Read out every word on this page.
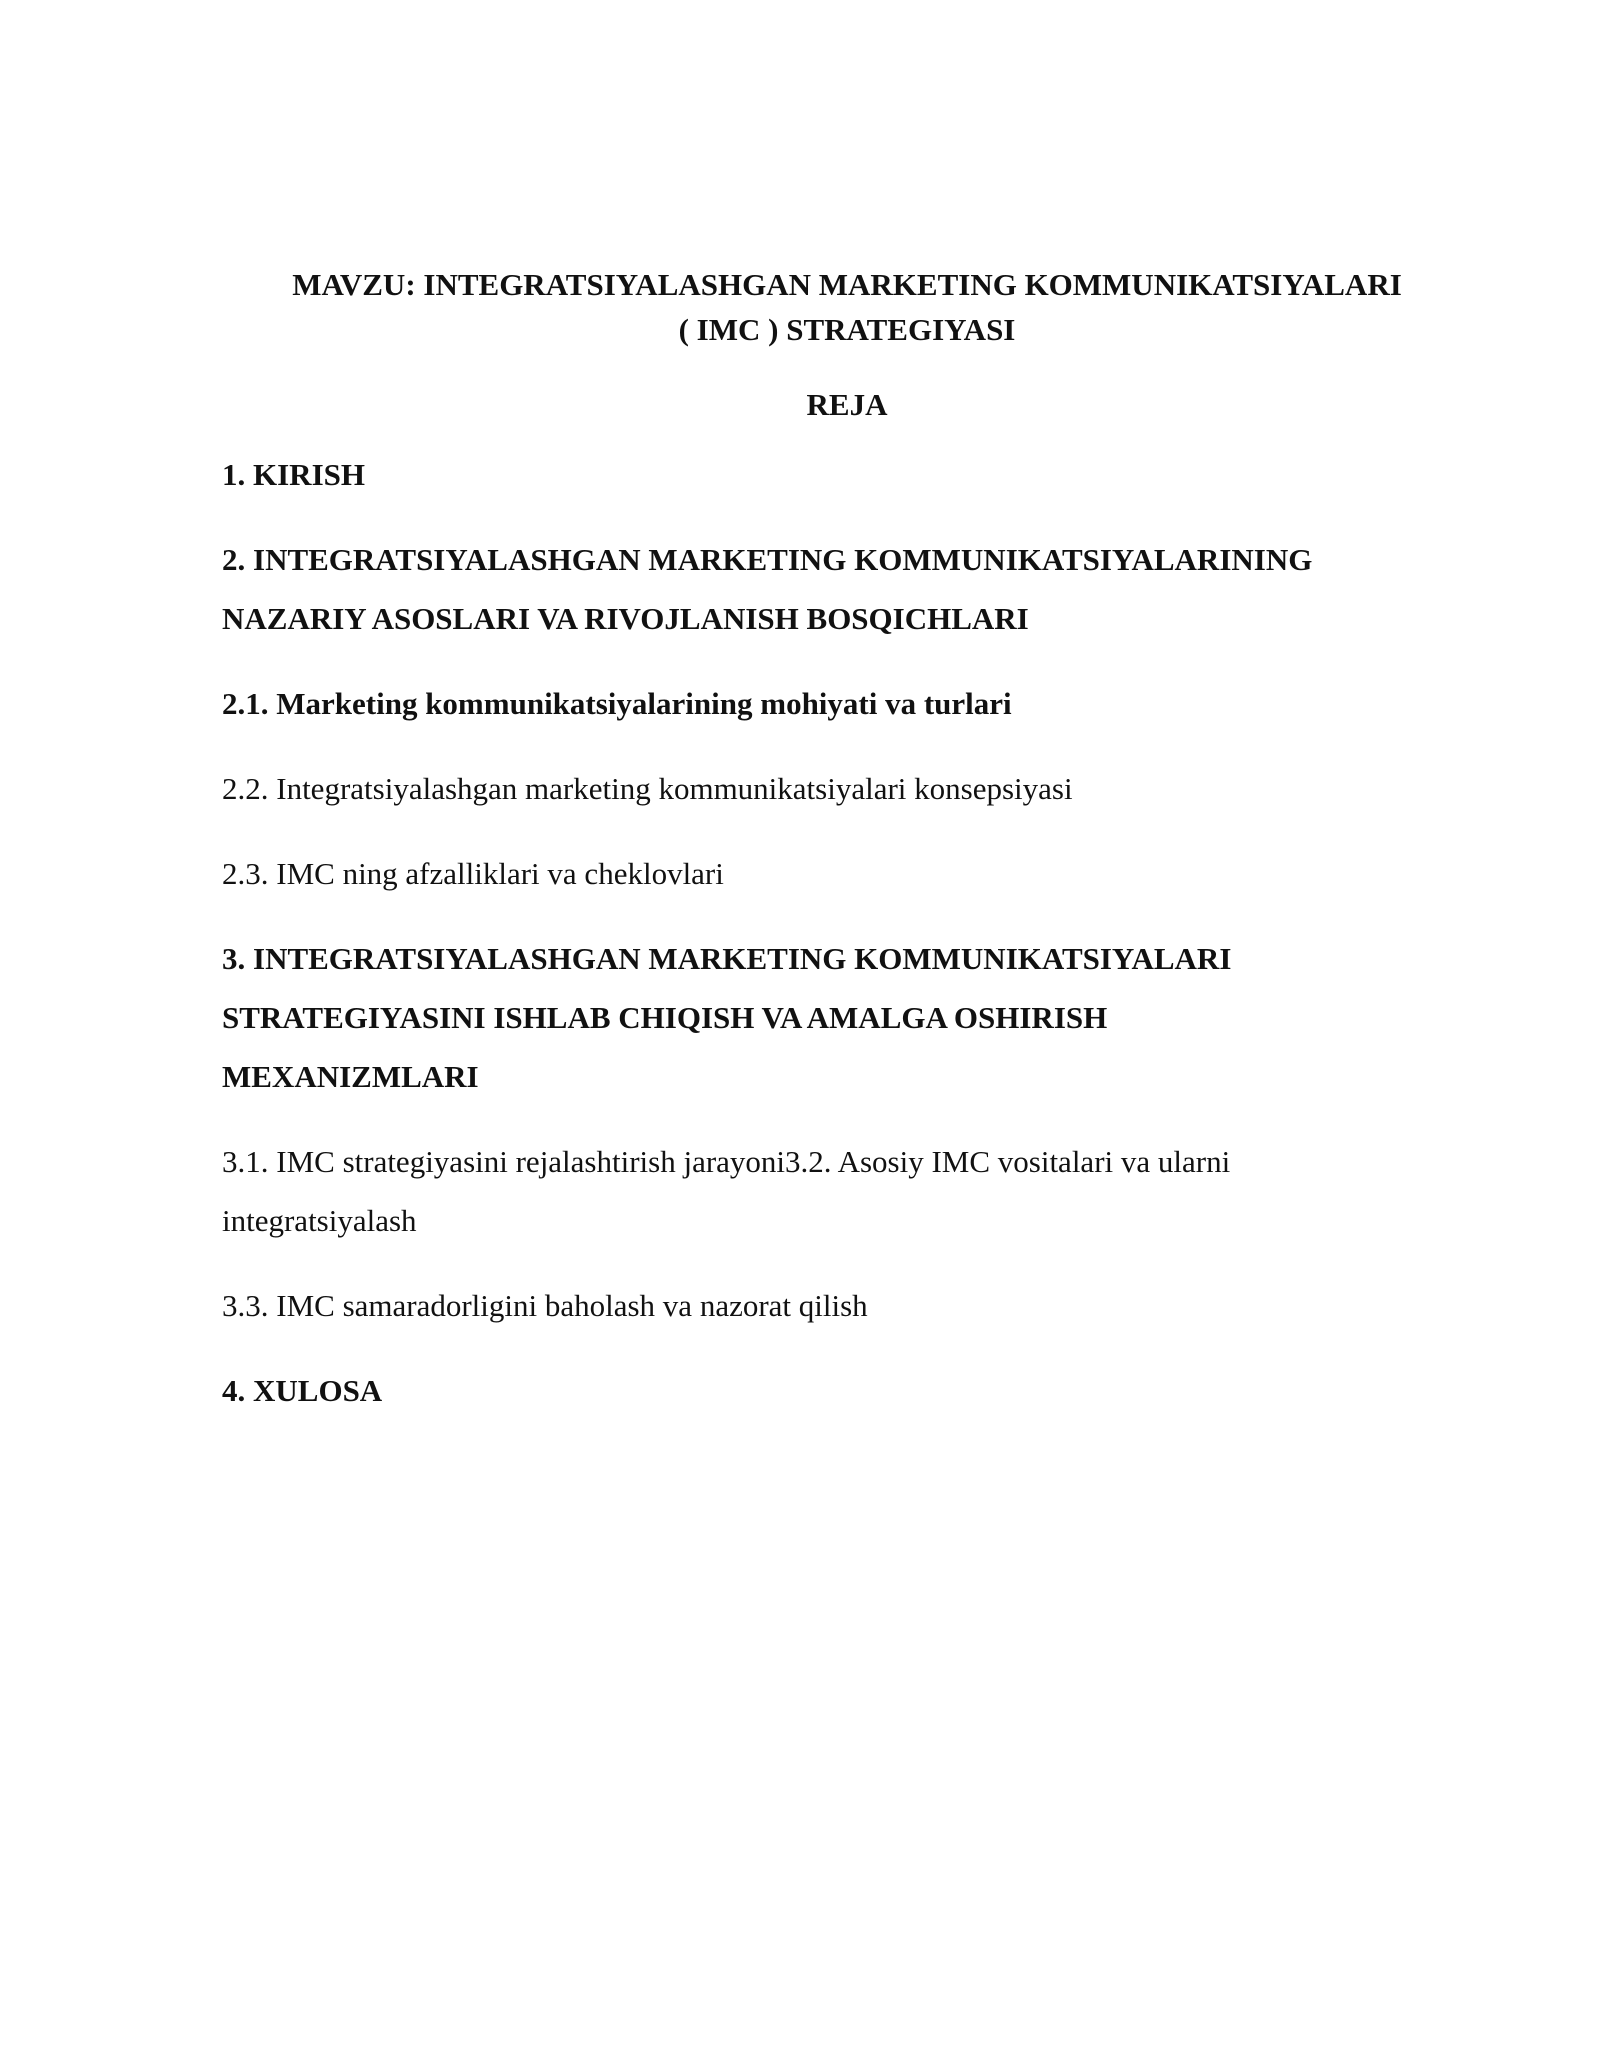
MAVZU: INTEGRATSIYALASHGAN MARKETING KOMMUNIKATSIYALARI
( IMC ) STRATEGIYASI

REJA

1. KIRISH

2. INTEGRATSIYALASHGAN MARKETING KOMMUNIKATSIYALARINING
NAZARIY ASOSLARI VA RIVOJLANISH BOSQICHLARI

2.1. Marketing kommunikatsiyalarining mohiyati va turlari

2.2. Integratsiyalashgan marketing kommunikatsiyalari konsepsiyasi

2.3. IMC ning afzalliklari va cheklovlari

3. INTEGRATSIYALASHGAN MARKETING KOMMUNIKATSIYALARI
STRATEGIYASINI ISHLAB CHIQISH VA AMALGA OSHIRISH
MEXANIZMLARI

3.1. IMC strategiyasini rejalashtirish jarayoni3.2. Asosiy IMC vositalari va ularni
integratsiyalash

3.3. IMC samaradorligini baholash va nazorat qilish

4. XULOSA
